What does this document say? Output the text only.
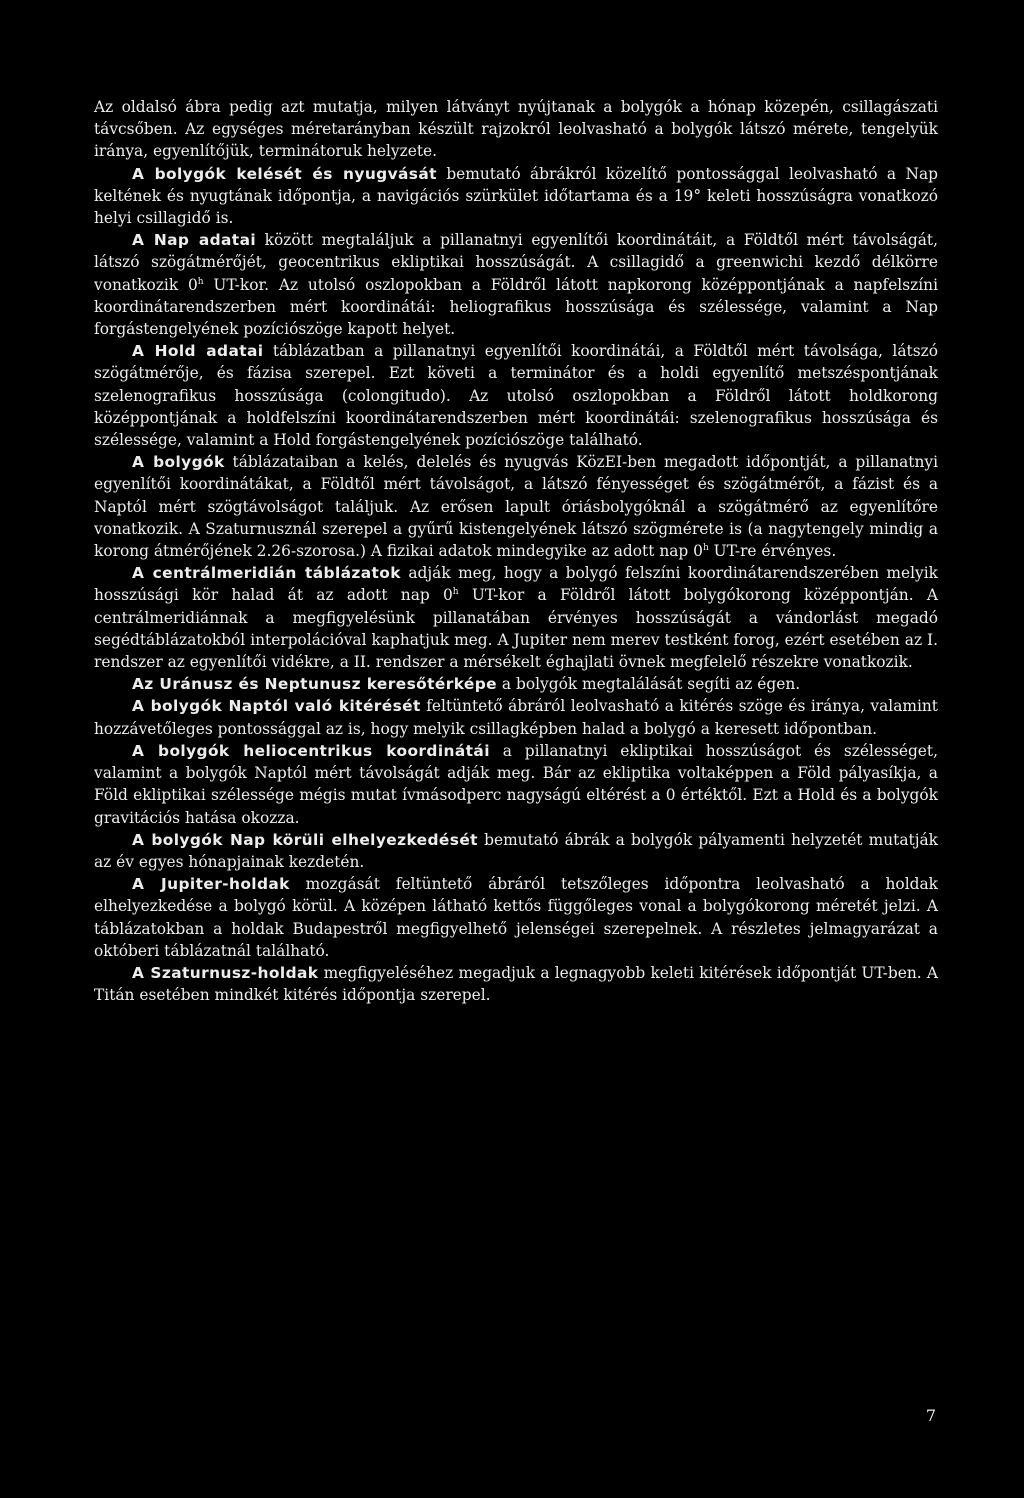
Az oldalsó ábra pedig azt mutatja, milyen látványt nyújtanak a bolygók a hónap közepén, csillagászati távcsőben. Az egységes méretarányban készült rajzokról leolvasható a bolygók látszó mérete, tengelyük iránya, egyenlítőjük, terminátoruk helyzete.

A bolygók kelését és nyugvását bemutató ábrákról közelítő pontossággal leolvasható a Nap keltének és nyugtának időpontja, a navigációs szürkület időtartama és a 19° keleti hosszúságra vonatkozó helyi csillagidő is.

A Nap adatai között megtaláljuk a pillanatnyi egyenlítői koordinátáit, a Földtől mért távolságát, látszó szögátmérőjét, geocentrikus ekliptikai hosszúságát. A csillagidő a greenwichi kezdő délkörre vonatkozik 0$^h$ UT-kor. Az utolsó oszlopokban a Földről látott napkorong középpontjának a napfelszíni koordinátarendszerben mért koordinátái: heliografikus hosszúsága és szélessége, valamint a Nap forgástengelyének pozíciószöge kapott helyet.

A Hold adatai táblázatban a pillanatnyi egyenlítői koordinátái, a Földtől mért távolsága, látszó szögátmérője, és fázisa szerepel. Ezt követi a terminátor és a holdi egyenlítő metszéspontjának szelenografikus hosszúsága (colongitudo). Az utolsó oszlopokban a Földről látott holdkorong középpontjának a holdfelszíni koordinátarendszerben mért koordinátái: szelenografikus hosszúsága és szélessége, valamint a Hold forgástengelyének pozíciószöge található.

A bolygók táblázataiban a kelés, delelés és nyugvás KözEI-ben megadott időpontját, a pillanatnyi egyenlítői koordinátákat, a Földtől mért távolságot, a látszó fényességet és szögátmérőt, a fázist és a Naptól mért szögtávolságot találjuk. Az erősen lapult óriásbolygóknál a szögátmérő az egyenlítőre vonatkozik. A Szaturnusznál szerepel a gyűrű kistengelyének látszó szögmérete is (a nagytengely mindig a korong átmérőjének 2.26-szorosa.) A fizikai adatok mindegyike az adott nap 0$^h$ UT-re érvényes.

A centrálmeridián táblázatok adják meg, hogy a bolygó felszíni koordinátarendszerében melyik hosszúsági kör halad át az adott nap 0$^h$ UT-kor a Földről látott bolygókorong középpontján. A centrálmeridiánnak a megfigyelésünk pillanatában érvényes hosszúságát a vándorlást megadó segédtáblázatokból interpolációval kaphatjuk meg. A Jupiter nem merev testként forog, ezért esetében az I. rendszer az egyenlítői vidékre, a II. rendszer a mérsékelt éghajlati övnek megfelelő részekre vonatkozik.

Az Uránusz és Neptunusz keresőtérképe a bolygók megtalálását segíti az égen.

A bolygók Naptól való kitérését feltüntető ábráról leolvasható a kitérés szöge és iránya, valamint hozzávetőleges pontossággal az is, hogy melyik csillagképben halad a bolygó a keresett időpontban.

A bolygók heliocentrikus koordinátái a pillanatnyi ekliptikai hosszúságot és szélességet, valamint a bolygók Naptól mért távolságát adják meg. Bár az ekliptika voltaképpen a Föld pályasíkja, a Föld ekliptikai szélessége mégis mutat ívmásodperc nagyságú eltérést a 0 értéktől. Ezt a Hold és a bolygók gravitációs hatása okozza.

A bolygók Nap körüli elhelyezkedését bemutató ábrák a bolygók pályamenti helyzetét mutatják az év egyes hónapjainak kezdetén.

A Jupiter-holdak mozgását feltüntető ábráról tetszőleges időpontra leolvasható a holdak elhelyezkedése a bolygó körül. A középen látható kettős függőleges vonal a bolygókorong méretét jelzi. A táblázatokban a holdak Budapestről megfigyelhető jelenségei szerepelnek. A részletes jelmagyarázat a októberi táblázatnál található.

A Szaturnusz-holdak megfigyeléséhez megadjuk a legnagyobb keleti kitérések időpontját UT-ben. A Titán esetében mindkét kitérés időpontja szerepel.

7
